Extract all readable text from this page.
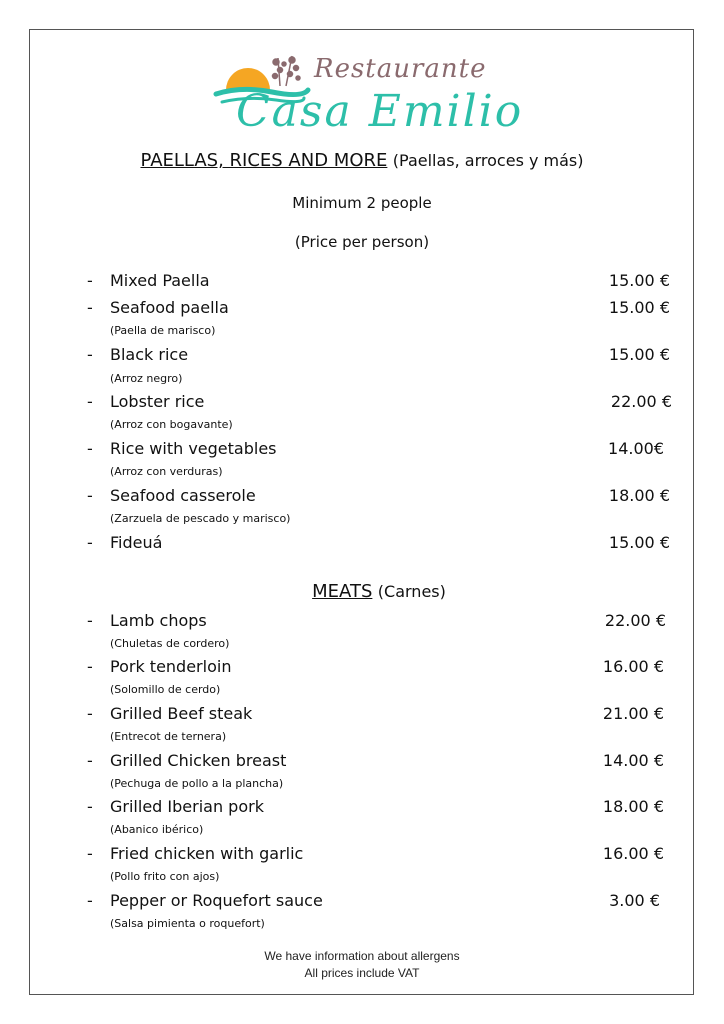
Restaurante
Casa Emilio
PAELLAS, RICES AND MORE (Paellas, arroces y más)
Minimum 2 people
(Price per person)
- Mixed Paella	15.00 €
- Seafood paella	15.00 €
(Paella de marisco)
- Black rice	15.00 €
(Arroz negro)
- Lobster rice	22.00 €
(Arroz con bogavante)
- Rice with vegetables	14.00€
(Arroz con verduras)
- Seafood casserole	18.00 €
(Zarzuela de pescado y marisco)
- Fideuá	15.00 €
MEATS (Carnes)
- Lamb chops	22.00 €
(Chuletas de cordero)
- Pork tenderloin	16.00 €
(Solomillo de cerdo)
- Grilled Beef steak	21.00 €
(Entrecot de ternera)
- Grilled Chicken breast	14.00 €
(Pechuga de pollo a la plancha)
- Grilled Iberian pork	18.00 €
(Abanico ibérico)
- Fried chicken with garlic	16.00 €
(Pollo frito con ajos)
- Pepper or Roquefort sauce	3.00 €
(Salsa pimienta o roquefort)
We have information about allergens
All prices include VAT
